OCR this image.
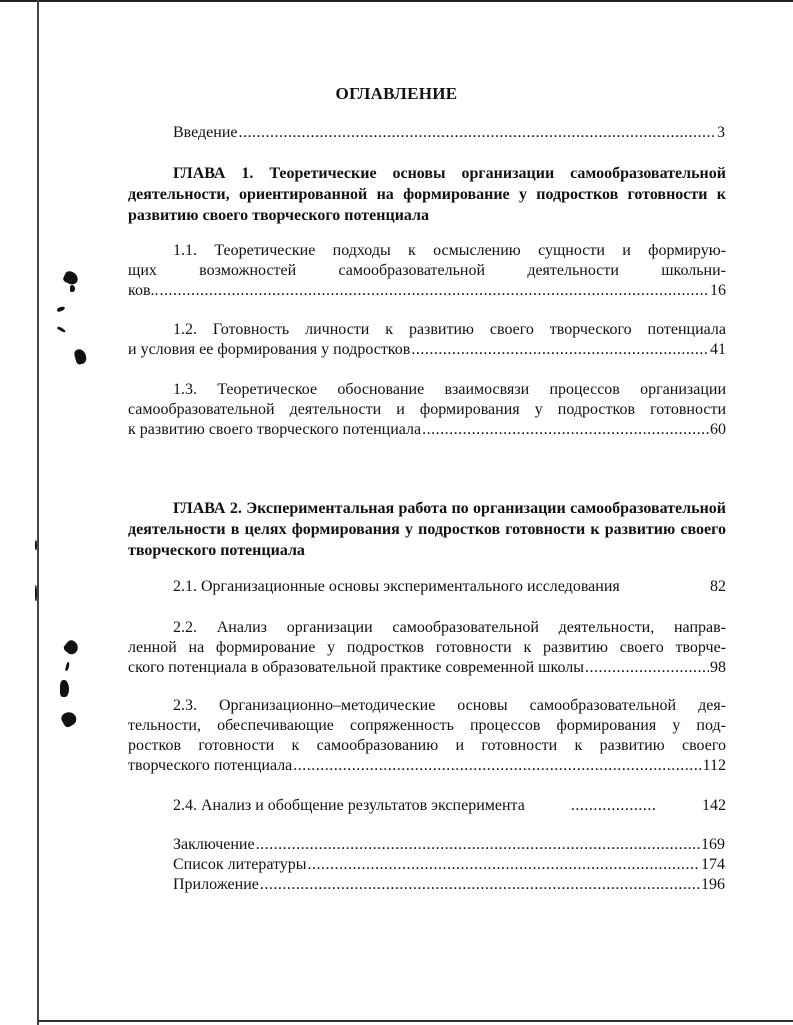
ОГЛАВЛЕНИЕ
Введение .....	3
ГЛАВА 1. Теоретические основы организации самообразовательной деятельности, ориентированной на формирование у подростков готовности к развитию своего творческого потенциала
1.1. Теоретические подходы к осмыслению сущности и формирую-
щих возможностей самообразовательной деятельности школьни-
ков.. .....	16
1.2. Готовность личности к развитию своего творческого потенциала
и условия ее формирования у подростков .....	41
1.3. Теоретическое обоснование взаимосвязи процессов организации
самообразовательной деятельности и формирования у подростков готовности
к развитию своего творческого потенциала .....	60
ГЛАВА 2. Экспериментальная работа по организации самообразовательной деятельности в целях формирования у подростков готовности к развитию своего творческого потенциала
2.1. Организационные основы экспериментального исследования .....	82
2.2. Анализ организации самообразовательной деятельности, направ-
ленной на формирование у подростков готовности к развитию своего творче-
ского потенциала в образовательной практике современной школы .....	98
2.3. Организационно–методические основы самообразовательной дея-
тельности, обеспечивающие сопряженность процессов формирования у под-
ростков готовности к самообразованию и готовности к развитию своего
творческого потенциала .....	112
2.4. Анализ и обобщение результатов эксперимента .....	142
Заключение .....	169
Список литературы .....	174
Приложение .....	196
